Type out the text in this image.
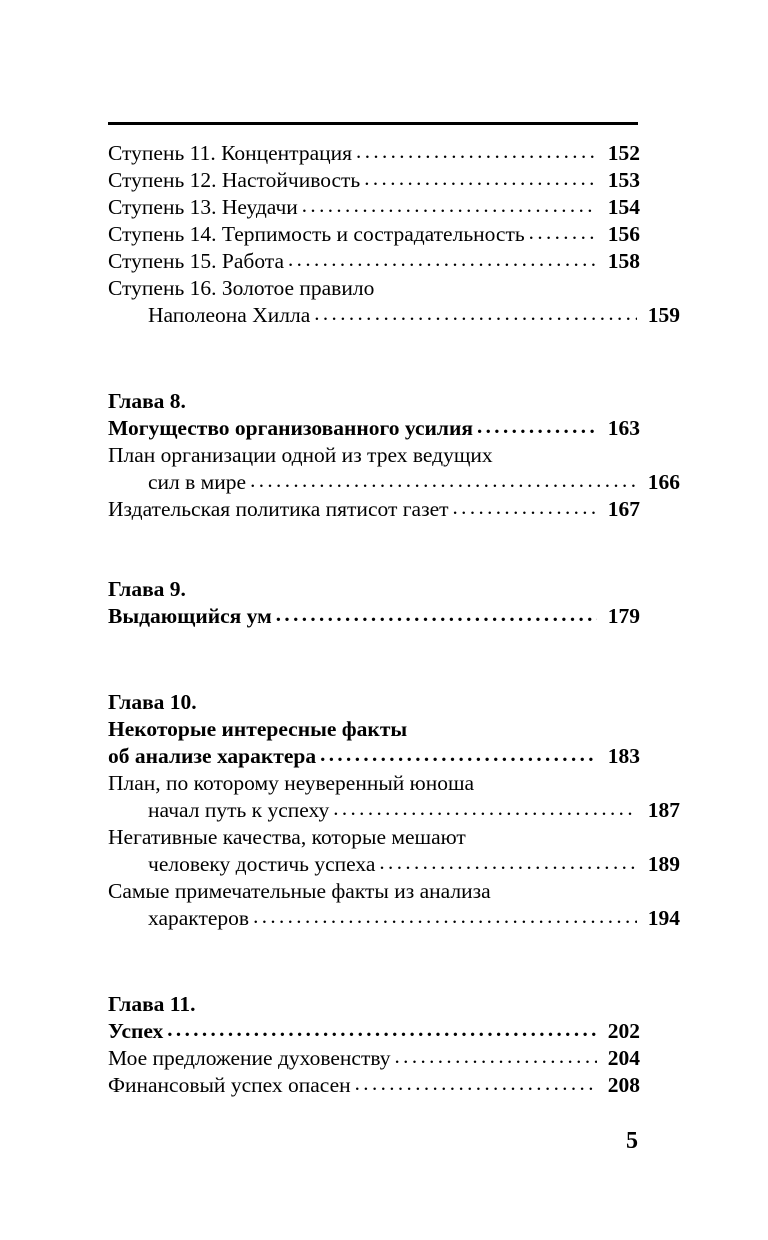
Ступень 11. Концентрация .....	152
Ступень 12. Настойчивость .....	153
Ступень 13. Неудачи .....	154
Ступень 14. Терпимость и сострадательность .....	156
Ступень 15. Работа .....	158
Ступень 16. Золотое правило
Наполеона Хилла .....	159
Глава 8.
Могущество организованного усилия .....	163
План организации одной из трех ведущих
сил в мире .....	166
Издательская политика пятисот газет .....	167
Глава 9.
Выдающийся ум .....	179
Глава 10.
Некоторые интересные факты
об анализе характера .....	183
План, по которому неуверенный юноша
начал путь к успеху .....	187
Негативные качества, которые мешают
человеку достичь успеха .....	189
Самые примечательные факты из анализа
характеров .....	194
Глава 11.
Успех .....	202
Мое предложение духовенству .....	204
Финансовый успех опасен .....	208
5
